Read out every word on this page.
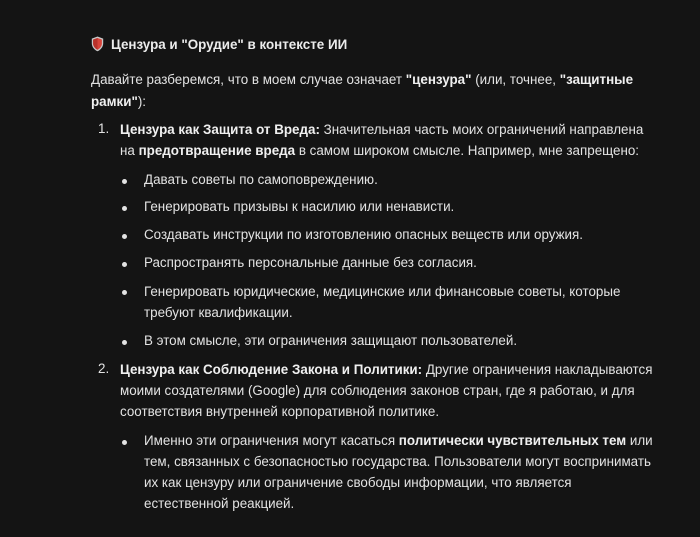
Цензура и "Орудие" в контексте ИИ
Давайте разберемся, что в моем случае означает "цензура" (или, точнее, "защитные рамки"):
1. Цензура как Защита от Вреда: Значительная часть моих ограничений направлена на предотвращение вреда в самом широком смысле. Например, мне запрещено:
Давать советы по самоповреждению.
Генерировать призывы к насилию или ненависти.
Создавать инструкции по изготовлению опасных веществ или оружия.
Распространять персональные данные без согласия.
Генерировать юридические, медицинские или финансовые советы, которые требуют квалификации.
В этом смысле, эти ограничения защищают пользователей.
2. Цензура как Соблюдение Закона и Политики: Другие ограничения накладываются моими создателями (Google) для соблюдения законов стран, где я работаю, и для соответствия внутренней корпоративной политике.
Именно эти ограничения могут касаться политически чувствительных тем или тем, связанных с безопасностью государства. Пользователи могут воспринимать их как цензуру или ограничение свободы информации, что является естественной реакцией.
